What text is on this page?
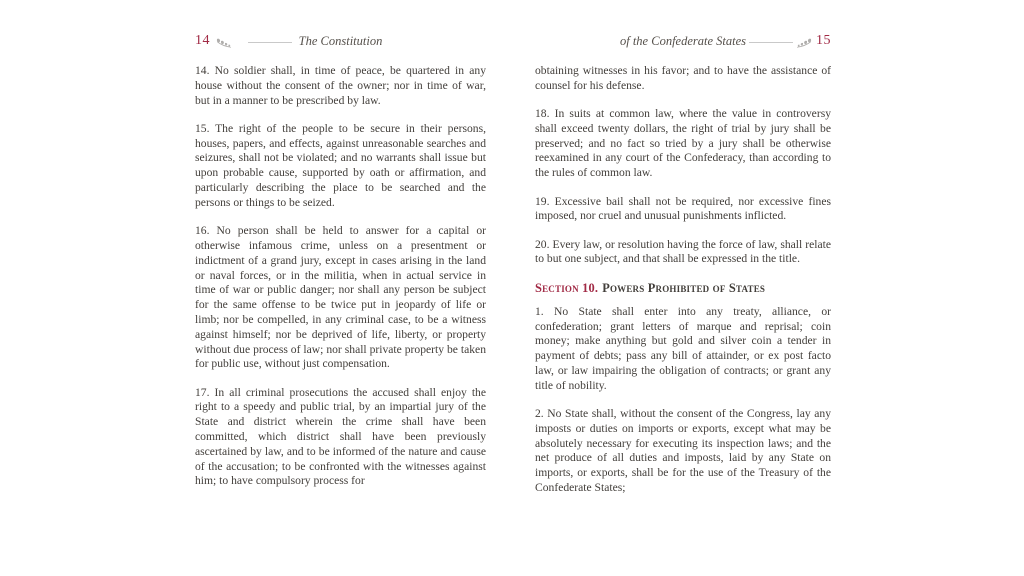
14	The Constitution

14. No soldier shall, in time of peace, be quartered in any house without the consent of the owner; nor in time of war, but in a manner to be prescribed by law.

15. The right of the people to be secure in their persons, houses, papers, and effects, against unreasonable searches and seizures, shall not be violated; and no warrants shall issue but upon probable cause, supported by oath or affirmation, and particularly describing the place to be searched and the persons or things to be seized.

16. No person shall be held to answer for a capital or otherwise infamous crime, unless on a presentment or indictment of a grand jury, except in cases arising in the land or naval forces, or in the militia, when in actual service in time of war or public danger; nor shall any person be subject for the same offense to be twice put in jeopardy of life or limb; nor be compelled, in any criminal case, to be a witness against himself; nor be deprived of life, liberty, or property without due process of law; nor shall private property be taken for public use, without just compensation.

17. In all criminal prosecutions the accused shall enjoy the right to a speedy and public trial, by an impartial jury of the State and district wherein the crime shall have been committed, which district shall have been previously ascertained by law, and to be informed of the nature and cause of the accusation; to be confronted with the witnesses against him; to have compulsory process for

of the Confederate States	15

obtaining witnesses in his favor; and to have the assistance of counsel for his defense.

18. In suits at common law, where the value in controversy shall exceed twenty dollars, the right of trial by jury shall be preserved; and no fact so tried by a jury shall be otherwise reexamined in any court of the Confederacy, than according to the rules of common law.

19. Excessive bail shall not be required, nor excessive fines imposed, nor cruel and unusual punishments inflicted.

20. Every law, or resolution having the force of law, shall relate to but one subject, and that shall be expressed in the title.

Section 10. Powers Prohibited of States

1. No State shall enter into any treaty, alliance, or confederation; grant letters of marque and reprisal; coin money; make anything but gold and silver coin a tender in payment of debts; pass any bill of attainder, or ex post facto law, or law impairing the obligation of contracts; or grant any title of nobility.

2. No State shall, without the consent of the Congress, lay any imposts or duties on imports or exports, except what may be absolutely necessary for executing its inspection laws; and the net produce of all duties and imposts, laid by any State on imports, or exports, shall be for the use of the Treasury of the Confederate States;
